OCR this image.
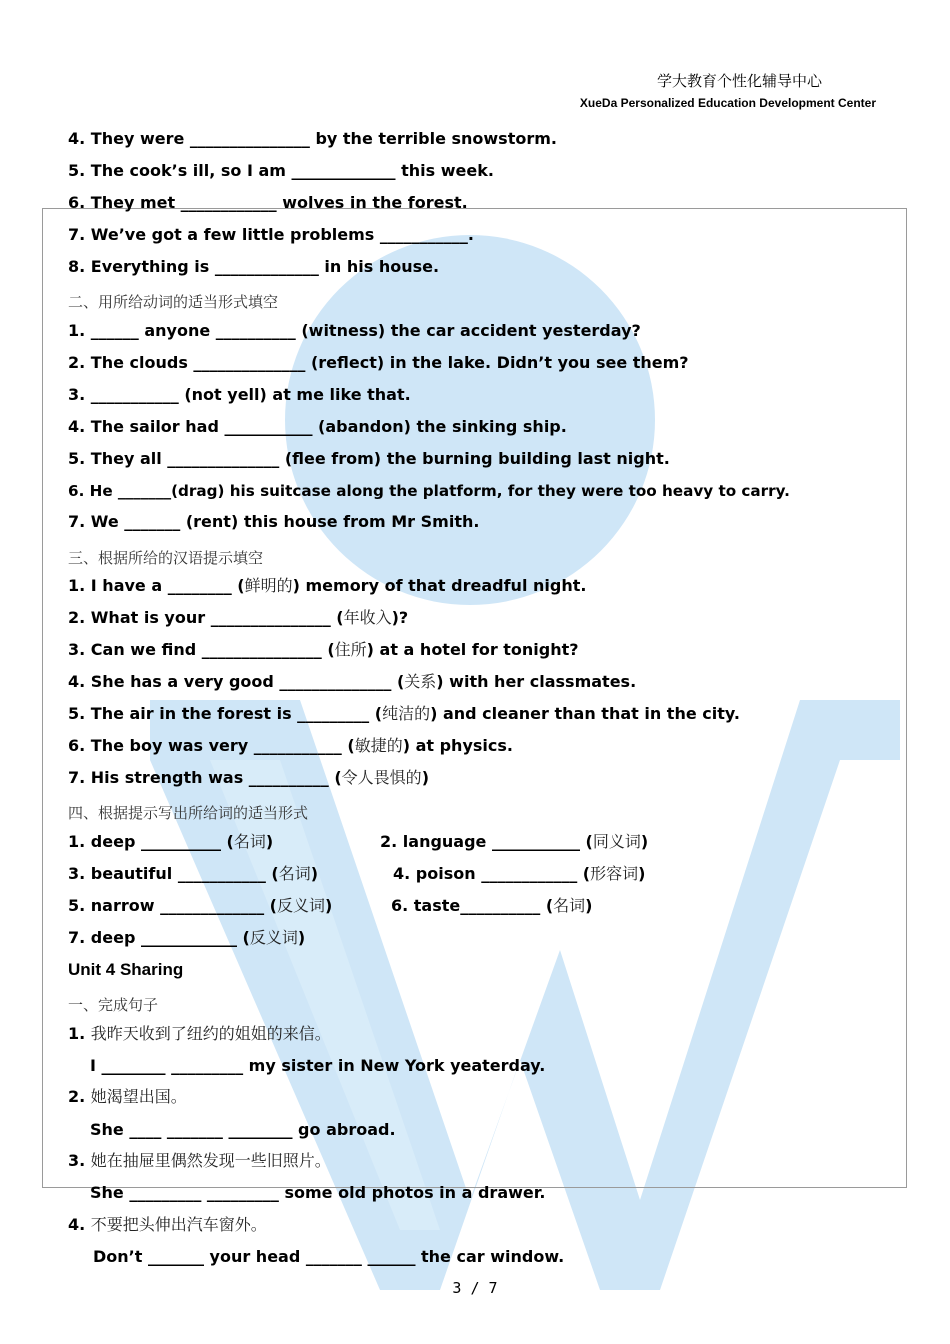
学大教育个性化辅导中心
XueDa Personalized Education Development Center
4. They were _______________ by the terrible snowstorm.
5. The cook’s ill, so I am _____________ this week.
6. They met ____________ wolves in the forest.
7. We’ve got a few little problems ___________.
8. Everything is _____________ in his house.
二、用所给动词的适当形式填空
1. ______ anyone __________ (witness) the car accident yesterday?
2. The clouds ______________ (reflect) in the lake. Didn’t you see them?
3. ___________ (not yell) at me like that.
4. The sailor had ___________ (abandon) the sinking ship.
5. They all ______________ (flee from) the burning building last night.
6. He _______(drag) his suitcase along the platform, for they were too heavy to carry.
7. We _______ (rent) this house from Mr Smith.
三、根据所给的汉语提示填空
1. I have a ________ (鲜明的) memory of that dreadful night.
2. What is your _______________ (年收入)?
3. Can we find _______________ (住所) at a hotel for tonight?
4. She has a very good ______________ (关系) with her classmates.
5. The air in the forest is _________ (纯洁的) and cleaner than that in the city.
6. The boy was very ___________ (敏捷的) at physics.
7. His strength was __________ (令人畏惧的)
四、根据提示写出所给词的适当形式
1. deep __________ (名词)	2. language ___________ (同义词)
3. beautiful ___________ (名词)	4. poison ____________ (形容词)
5. narrow _____________ (反义词)	6. taste__________ (名词)
7. deep ____________ (反义词)
Unit 4 Sharing
一、完成句子
1. 我昨天收到了纽约的姐姐的来信。
I ________ _________ my sister in New York yeaterday.
2. 她渴望出国。
She ____ _______ ________ go abroad.
3. 她在抽屉里偶然发现一些旧照片。
She _________ _________ some old photos in a drawer.
4. 不要把头伸出汽车窗外。
Don’t _______ your head _______ ______ the car window.
3 / 7
